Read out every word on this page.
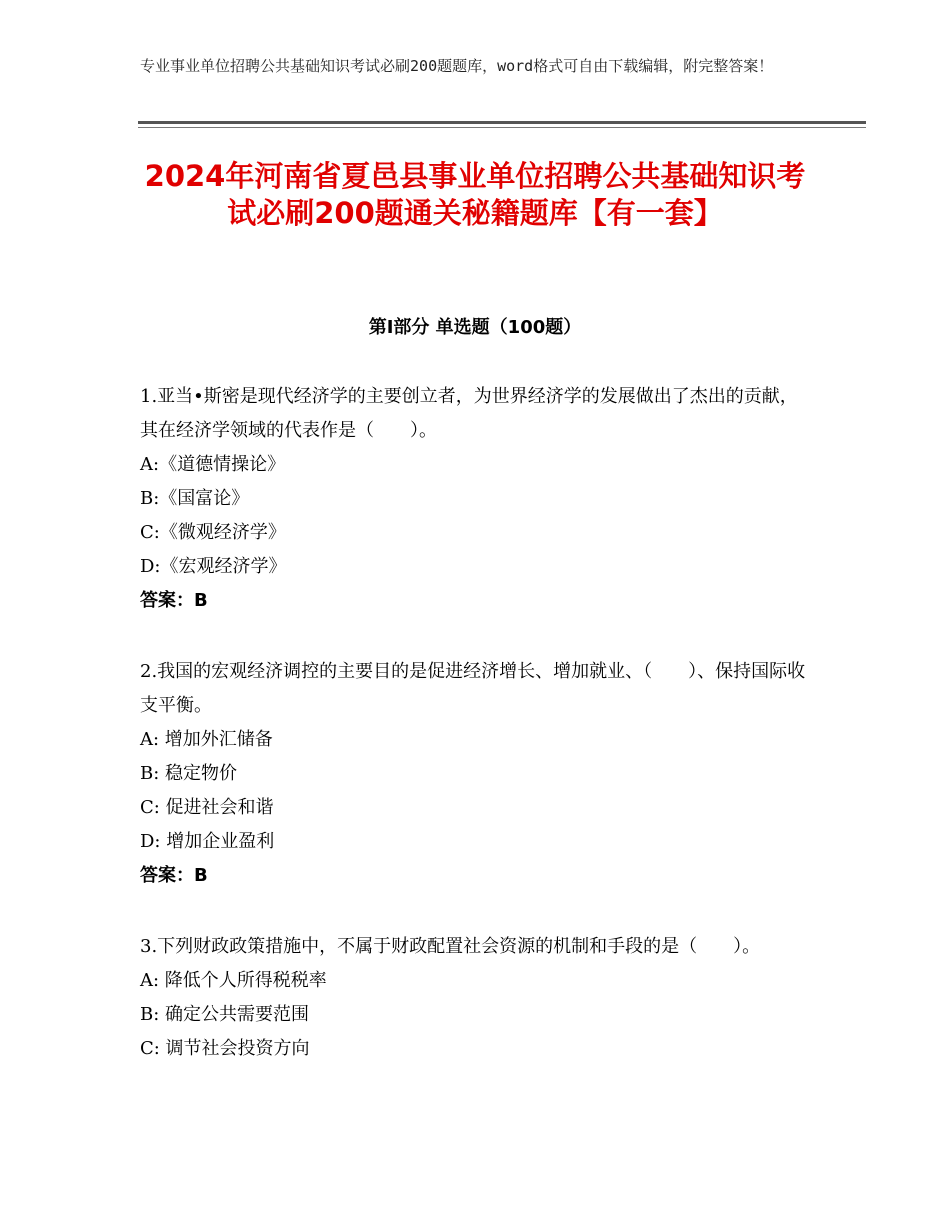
专业事业单位招聘公共基础知识考试必刷200题题库，word格式可自由下载编辑，附完整答案！
2024年河南省夏邑县事业单位招聘公共基础知识考试必刷200题通关秘籍题库【有一套】
第Ⅰ部分 单选题（100题）
1.亚当•斯密是现代经济学的主要创立者，为世界经济学的发展做出了杰出的贡献，其在经济学领域的代表作是（　　）。
A:《道德情操论》
B:《国富论》
C:《微观经济学》
D:《宏观经济学》
答案：B
2.我国的宏观经济调控的主要目的是促进经济增长、增加就业、（　　）、保持国际收支平衡。
A: 增加外汇储备
B: 稳定物价
C: 促进社会和谐
D: 增加企业盈利
答案：B
3.下列财政政策措施中，不属于财政配置社会资源的机制和手段的是（　　）。
A: 降低个人所得税税率
B: 确定公共需要范围
C: 调节社会投资方向
